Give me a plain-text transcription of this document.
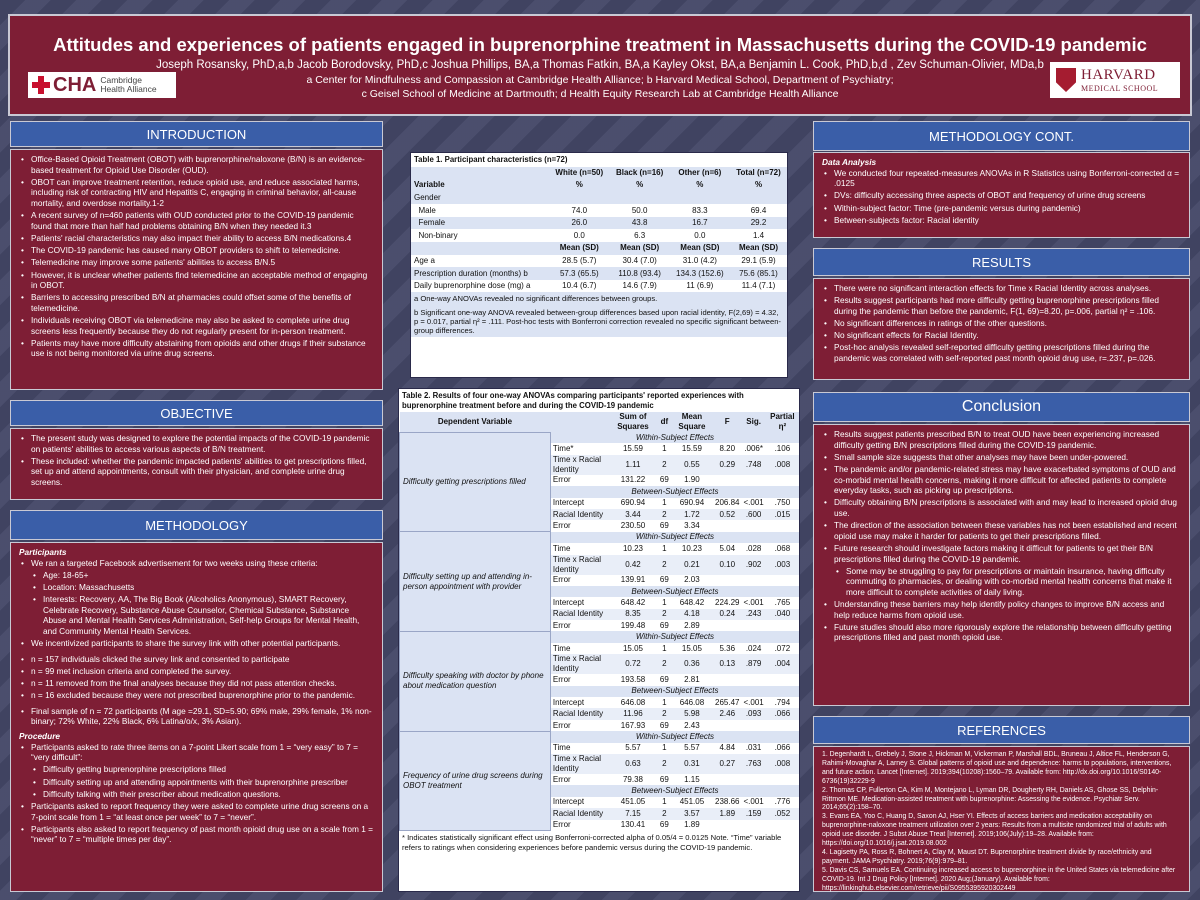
Attitudes and experiences of patients engaged in buprenorphine treatment in Massachusetts during the COVID-19 pandemic
Joseph Rosansky, PhD,a,b Jacob Borodovsky, PhD,c Joshua Phillips, BA,a Thomas Fatkin, BA,a Kayley Okst, BA,a Benjamin L. Cook, PhD,b,d , Zev Schuman-Olivier, MDa,b
a Center for Mindfulness and Compassion at Cambridge Health Alliance; b Harvard Medical School, Department of Psychiatry;
c Geisel School of Medicine at Dartmouth; d Health Equity Research Lab at Cambridge Health Alliance
CHA Cambridge
Health Alliance
HARVARD
MEDICAL SCHOOL
INTRODUCTION
• Office-Based Opioid Treatment (OBOT) with buprenorphine/naloxone (B/N) is an evidence-based treatment for Opioid Use Disorder (OUD).
• OBOT can improve treatment retention, reduce opioid use, and reduce associated harms, including risk of contracting HIV and Hepatitis C, engaging in criminal behavior, all-cause mortality, and overdose mortality.1-2
• A recent survey of n=460 patients with OUD conducted prior to the COVID-19 pandemic found that more than half had problems obtaining B/N when they needed it.3
• Patients' racial characteristics may also impact their ability to access B/N medications.4
• The COVID-19 pandemic has caused many OBOT providers to shift to telemedicine.
• Telemedicine may improve some patients' abilities to access B/N.5
• However, it is unclear whether patients find telemedicine an acceptable method of engaging in OBOT.
• Barriers to accessing prescribed B/N at pharmacies could offset some of the benefits of telemedicine.
• Individuals receiving OBOT via telemedicine may also be asked to complete urine drug screens less frequently because they do not regularly present for in-person treatment.
• Patients may have more difficulty abstaining from opioids and other drugs if their substance use is not being monitored via urine drug screens.
OBJECTIVE
• The present study was designed to explore the potential impacts of the COVID-19 pandemic on patients' abilities to access various aspects of B/N treatment.
• These included: whether the pandemic impacted patients' abilities to get prescriptions filled, set up and attend appointments, consult with their physician, and complete urine drug screens.
METHODOLOGY
Participants
• We ran a targeted Facebook advertisement for two weeks using these criteria:
• Age: 18-65+
• Location: Massachusetts
• Interests: Recovery, AA, The Big Book (Alcoholics Anonymous), SMART Recovery, Celebrate Recovery, Substance Abuse Counselor, Chemical Substance, Substance Abuse and Mental Health Services Administration, Self-help Groups for Mental Health, and Community Mental Health Services.
• We incentivized participants to share the survey link with other potential participants.
• n = 157 individuals clicked the survey link and consented to participate
• n = 99 met inclusion criteria and completed the survey.
• n = 11 removed from the final analyses because they did not pass attention checks.
• n = 16 excluded because they were not prescribed buprenorphine prior to the pandemic.
• Final sample of n = 72 participants (M age =29.1, SD=5.90; 69% male, 29% female, 1% non-binary; 72% White, 22% Black, 6% Latina/o/x, 3% Asian).
Procedure
• Participants asked to rate three items on a 7-point Likert scale from 1 = “very easy” to 7 = “very difficult”:
• Difficulty getting buprenorphine prescriptions filled
• Difficulty setting up and attending appointments with their buprenorphine prescriber
• Difficulty talking with their prescriber about medication questions.
• Participants asked to report frequency they were asked to complete urine drug screens on a 7-point scale from 1 = “at least once per week” to 7 = “never”.
• Participants also asked to report frequency of past month opioid drug use on a scale from 1 = “never” to 7 = “multiple times per day”.
Table 1. Participant characteristics (n=72)
	White (n=50)	Black (n=16)	Other (n=6)	Total (n=72)
Variable	%	%	%	%
Gender				
Male	74.0	50.0	83.3	69.4
Female	26.0	43.8	16.7	29.2
Non-binary	0.0	6.3	0.0	1.4
	Mean (SD)	Mean (SD)	Mean (SD)	Mean (SD)
Age a	28.5 (5.7)	30.4 (7.0)	31.0 (4.2)	29.1 (5.9)
Prescription duration (months) b	57.3 (65.5)	110.8 (93.4)	134.3 (152.6)	75.6 (85.1)
Daily buprenorphine dose (mg) a	10.4 (6.7)	14.6 (7.9)	11 (6.9)	11.4 (7.1)
a One-way ANOVAs revealed no significant differences between groups.
b Significant one-way ANOVA revealed between-group differences based upon racial identity, F(2,69) = 4.32, p = 0.017, partial η² = .111. Post-hoc tests with Bonferroni correction revealed no specific significant between-group differences.
Table 2. Results of four one-way ANOVAs comparing participants' reported experiences with buprenorphine treatment before and during the COVID-19 pandemic
Dependent Variable		Sum of Squares	df	Mean Square	F	Sig.	Partial η²
Difficulty getting prescriptions filled	Within-Subject Effects						
	Time*	15.59	1	15.59	8.20	.006*	.106
	Time x Racial Identity	1.11	2	0.55	0.29	.748	.008
	Error	131.22	69	1.90			
	Between-Subject Effects						
	Intercept	690.94	1	690.94	206.84	<.001	.750
	Racial Identity	3.44	2	1.72	0.52	.600	.015
	Error	230.50	69	3.34			
Difficulty setting up and attending in-person appointment with provider	Within-Subject Effects						
	Time	10.23	1	10.23	5.04	.028	.068
	Time x Racial Identity	0.42	2	0.21	0.10	.902	.003
	Error	139.91	69	2.03			
	Between-Subject Effects						
	Intercept	648.42	1	648.42	224.29	<.001	.765
	Racial Identity	8.35	2	4.18	0.24	.243	.040
	Error	199.48	69	2.89			
Difficulty speaking with doctor by phone about medication question	Within-Subject Effects						
	Time	15.05	1	15.05	5.36	.024	.072
	Time x Racial Identity	0.72	2	0.36	0.13	.879	.004
	Error	193.58	69	2.81			
	Between-Subject Effects						
	Intercept	646.08	1	646.08	265.47	<.001	.794
	Racial Identity	11.96	2	5.98	2.46	.093	.066
	Error	167.93	69	2.43			
Frequency of urine drug screens during OBOT treatment	Within-Subject Effects						
	Time	5.57	1	5.57	4.84	.031	.066
	Time x Racial Identity	0.63	2	0.31	0.27	.763	.008
	Error	79.38	69	1.15			
	Between-Subject Effects						
	Intercept	451.05	1	451.05	238.66	<.001	.776
	Racial Identity	7.15	2	3.57	1.89	.159	.052
	Error	130.41	69	1.89			
* Indicates statistically significant effect using Bonferroni-corrected alpha of 0.05/4 = 0.0125 Note. “Time” variable refers to ratings when considering experiences before pandemic versus during the COVID-19 pandemic.
METHODOLOGY CONT.
Data Analysis
• We conducted four repeated-measures ANOVAs in R Statistics using Bonferroni-corrected α = .0125
• DVs: difficulty accessing three aspects of OBOT and frequency of urine drug screens
• Within-subject factor: Time (pre-pandemic versus during pandemic)
• Between-subjects factor: Racial identity
RESULTS
• There were no significant interaction effects for Time x Racial Identity across analyses.
• Results suggest participants had more difficulty getting buprenorphine prescriptions filled during the pandemic than before the pandemic, F(1, 69)=8.20, p=.006, partial η² = .106.
• No significant differences in ratings of the other questions.
• No significant effects for Racial Identity.
• Post-hoc analysis revealed self-reported difficulty getting prescriptions filled during the pandemic was correlated with self-reported past month opioid drug use, r=.237, p=.026.
Conclusion
• Results suggest patients prescribed B/N to treat OUD have been experiencing increased difficulty getting B/N prescriptions filled during the COVID-19 pandemic.
• Small sample size suggests that other analyses may have been under-powered.
• The pandemic and/or pandemic-related stress may have exacerbated symptoms of OUD and co-morbid mental health concerns, making it more difficult for affected patients to complete everyday tasks, such as picking up prescriptions.
• Difficulty obtaining B/N prescriptions is associated with and may lead to increased opioid drug use.
• The direction of the association between these variables has not been established and recent opioid use may make it harder for patients to get their prescriptions filled.
• Future research should investigate factors making it difficult for patients to get their B/N prescriptions filled during the COVID-19 pandemic.
• Some may be struggling to pay for prescriptions or maintain insurance, having difficulty commuting to pharmacies, or dealing with co-morbid mental health concerns that make it more difficult to complete activities of daily living.
• Understanding these barriers may help identify policy changes to improve B/N access and help reduce harms from opioid use.
• Future studies should also more rigorously explore the relationship between difficulty getting prescriptions filled and past month opioid use.
REFERENCES
1. Degenhardt L, Grebely J, Stone J, Hickman M, Vickerman P, Marshall BDL, Bruneau J, Altice FL, Henderson G, Rahimi-Movaghar A, Larney S. Global patterns of opioid use and dependence: harms to populations, interventions, and future action. Lancet [Internet]. 2019;394(10208):1560–79. Available from: http://dx.doi.org/10.1016/S0140-6736(19)32229-9
2. Thomas CP, Fullerton CA, Kim M, Montejano L, Lyman DR, Dougherty RH, Daniels AS, Ghose SS, Delphin-Rittmon ME. Medication-assisted treatment with buprenorphine: Assessing the evidence. Psychiatr Serv. 2014;65(2):158–70.
3. Evans EA, Yoo C, Huang D, Saxon AJ, Hser YI. Effects of access barriers and medication acceptability on buprenorphine-naloxone treatment utilization over 2 years: Results from a multisite randomized trial of adults with opioid use disorder. J Subst Abuse Treat [Internet]. 2019;106(July):19–28. Available from: https://doi.org/10.1016/j.jsat.2019.08.002
4. Lagisetty PA, Ross R, Bohnert A, Clay M, Maust DT. Buprenorphine treatment divide by race/ethnicity and payment. JAMA Psychiatry. 2019;76(9):979–81.
5. Davis CS, Samuels EA. Continuing increased access to buprenorphine in the United States via telemedicine after COVID-19. Int J Drug Policy [Internet]. 2020 Aug;(January). Available from: https://linkinghub.elsevier.com/retrieve/pii/S0955395920302449
